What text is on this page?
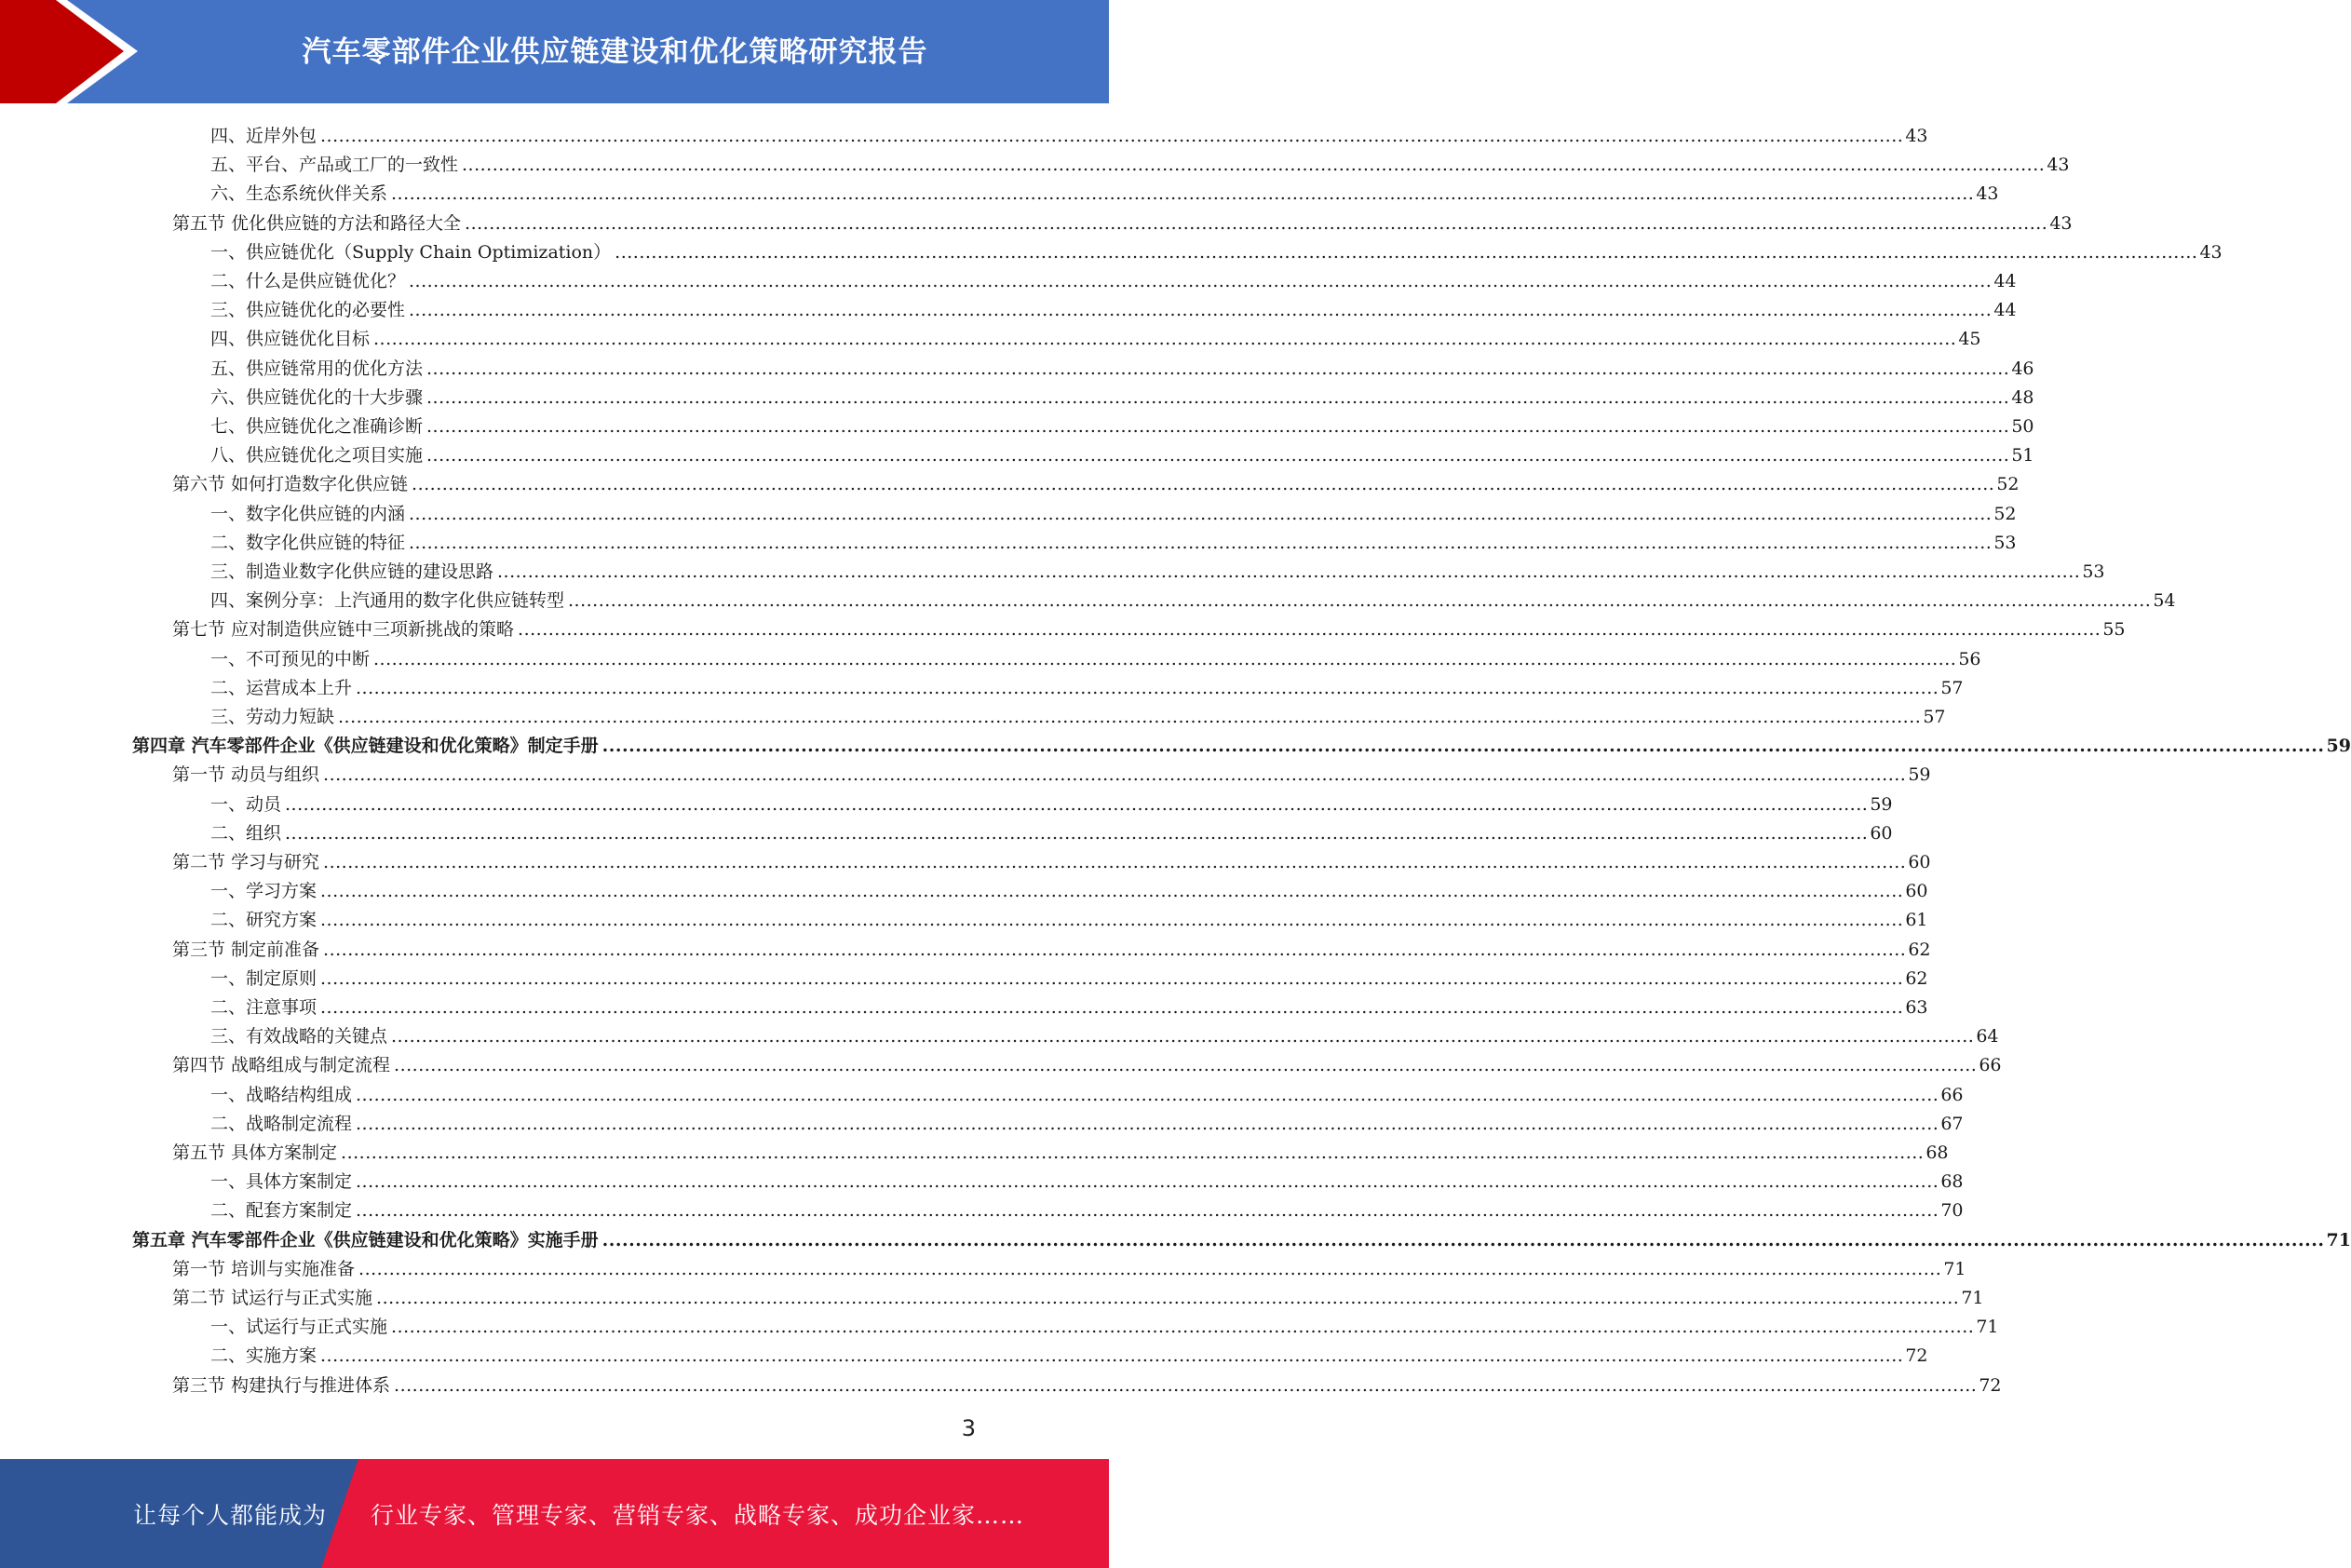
汽车零部件企业供应链建设和优化策略研究报告
四、近岸外包 .................................................................................................................................................................................................................................................................... 43
五、平台、产品或工厂的一致性 .................................................................................................................................................................................................................................................................... 43
六、生态系统伙伴关系 .................................................................................................................................................................................................................................................................... 43
第五节 优化供应链的方法和路径大全 .................................................................................................................................................................................................................................................................... 43
一、供应链优化（Supply Chain Optimization） .................................................................................................................................................................................................................................................................... 43
二、什么是供应链优化？ .................................................................................................................................................................................................................................................................... 44
三、供应链优化的必要性 .................................................................................................................................................................................................................................................................... 44
四、供应链优化目标 .................................................................................................................................................................................................................................................................... 45
五、供应链常用的优化方法 .................................................................................................................................................................................................................................................................... 46
六、供应链优化的十大步骤 .................................................................................................................................................................................................................................................................... 48
七、供应链优化之准确诊断 .................................................................................................................................................................................................................................................................... 50
八、供应链优化之项目实施 .................................................................................................................................................................................................................................................................... 51
第六节 如何打造数字化供应链 .................................................................................................................................................................................................................................................................... 52
一、数字化供应链的内涵 .................................................................................................................................................................................................................................................................... 52
二、数字化供应链的特征 .................................................................................................................................................................................................................................................................... 53
三、制造业数字化供应链的建设思路 .................................................................................................................................................................................................................................................................... 53
四、案例分享：上汽通用的数字化供应链转型 .................................................................................................................................................................................................................................................................... 54
第七节 应对制造供应链中三项新挑战的策略 .................................................................................................................................................................................................................................................................... 55
一、不可预见的中断 .................................................................................................................................................................................................................................................................... 56
二、运营成本上升 .................................................................................................................................................................................................................................................................... 57
三、劳动力短缺 .................................................................................................................................................................................................................................................................... 57
第四章 汽车零部件企业《供应链建设和优化策略》制定手册 .................................................................................................................................................................................................................................................................... 59
第一节 动员与组织 .................................................................................................................................................................................................................................................................... 59
一、动员 .................................................................................................................................................................................................................................................................... 59
二、组织 .................................................................................................................................................................................................................................................................... 60
第二节 学习与研究 .................................................................................................................................................................................................................................................................... 60
一、学习方案 .................................................................................................................................................................................................................................................................... 60
二、研究方案 .................................................................................................................................................................................................................................................................... 61
第三节 制定前准备 .................................................................................................................................................................................................................................................................... 62
一、制定原则 .................................................................................................................................................................................................................................................................... 62
二、注意事项 .................................................................................................................................................................................................................................................................... 63
三、有效战略的关键点 .................................................................................................................................................................................................................................................................... 64
第四节 战略组成与制定流程 .................................................................................................................................................................................................................................................................... 66
一、战略结构组成 .................................................................................................................................................................................................................................................................... 66
二、战略制定流程 .................................................................................................................................................................................................................................................................... 67
第五节 具体方案制定 .................................................................................................................................................................................................................................................................... 68
一、具体方案制定 .................................................................................................................................................................................................................................................................... 68
二、配套方案制定 .................................................................................................................................................................................................................................................................... 70
第五章 汽车零部件企业《供应链建设和优化策略》实施手册 .................................................................................................................................................................................................................................................................... 71
第一节 培训与实施准备 .................................................................................................................................................................................................................................................................... 71
第二节 试运行与正式实施 .................................................................................................................................................................................................................................................................... 71
一、试运行与正式实施 .................................................................................................................................................................................................................................................................... 71
二、实施方案 .................................................................................................................................................................................................................................................................... 72
第三节 构建执行与推进体系 .................................................................................................................................................................................................................................................................... 72
3
让每个人都能成为 行业专家、管理专家、营销专家、战略专家、成功企业家……
